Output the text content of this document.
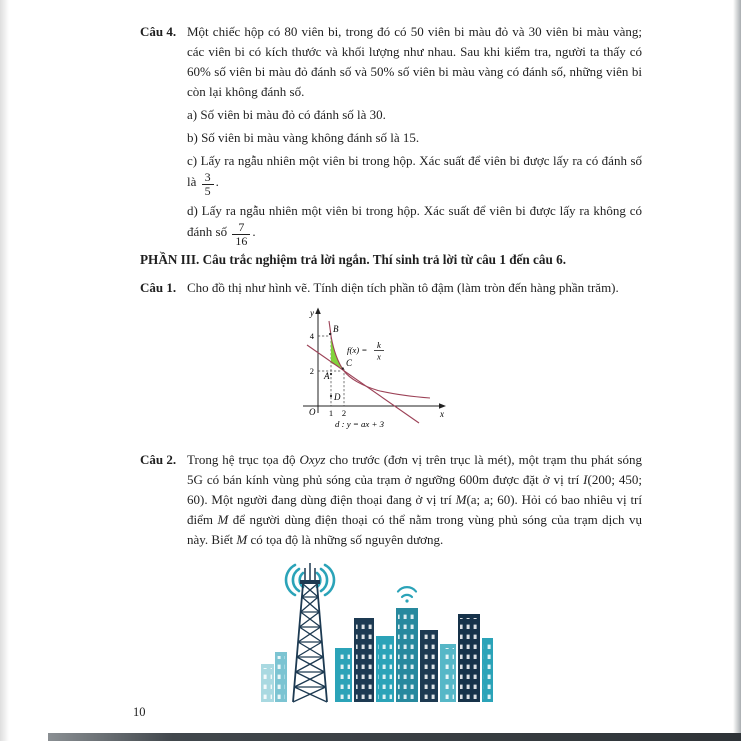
Câu 4. Một chiếc hộp có 80 viên bi, trong đó có 50 viên bi màu đỏ và 30 viên bi màu vàng; các viên bi có kích thước và khối lượng như nhau. Sau khi kiểm tra, người ta thấy có 60% số viên bi màu đỏ đánh số và 50% số viên bi màu vàng có đánh số, những viên bi còn lại không đánh số.
a) Số viên bi màu đỏ có đánh số là 30.
b) Số viên bi màu vàng không đánh số là 15.
c) Lấy ra ngẫu nhiên một viên bi trong hộp. Xác suất để viên bi được lấy ra có đánh số là $\frac{3}{5}$ .
d) Lấy ra ngẫu nhiên một viên bi trong hộp. Xác suất để viên bi được lấy ra không có đánh số $\frac{7}{16}$ .
PHẦN III. Câu trắc nghiệm trả lời ngắn. Thí sinh trả lời từ câu 1 đến câu 6.
Câu 1. Cho đồ thị như hình vẽ. Tính diện tích phần tô đậm (làm tròn đến hàng phần trăm).
y
x
O
4
2
1 2
B
C
A
D
f(x) = k
x
d : y = ax + 3
Câu 2. Trong hệ trục tọa độ Oxyz cho trước (đơn vị trên trục là mét), một trạm thu phát sóng 5G có bán kính vùng phủ sóng của trạm ở ngưỡng 600m được đặt ở vị trí I(200; 450; 60). Một người đang dùng điện thoại đang ở vị trí M(a; a; 60). Hỏi có bao nhiêu vị trí điểm M để người dùng điện thoại có thể nằm trong vùng phủ sóng của trạm dịch vụ này. Biết M có tọa độ là những số nguyên dương.
10
